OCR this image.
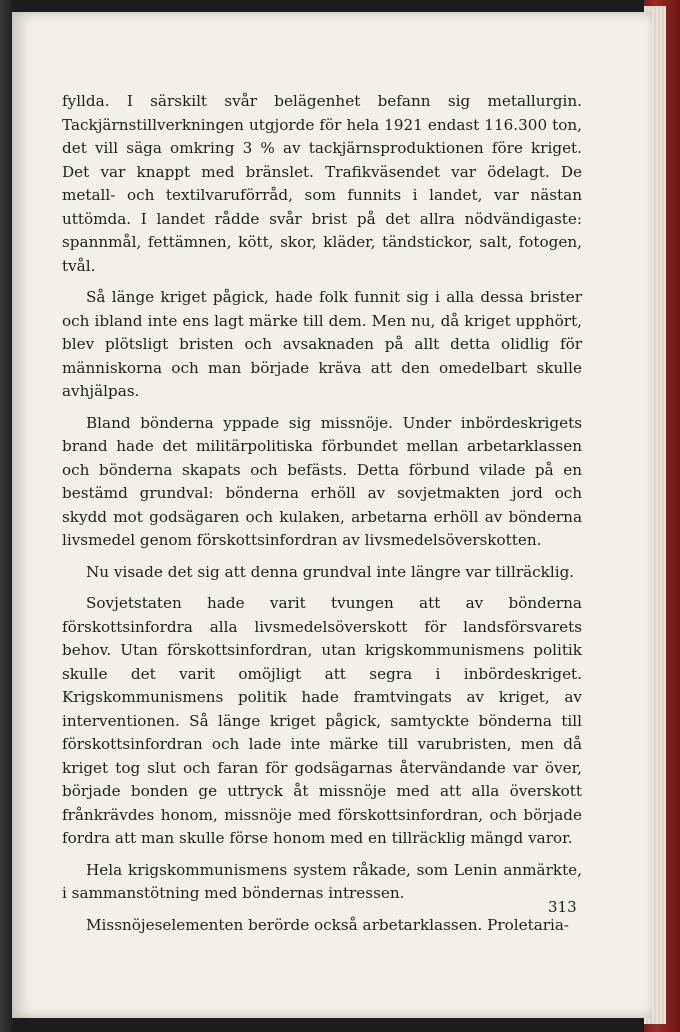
fyllda. I särskilt svår belägenhet befann sig metallurgin. Tackjärnstillverkningen utgjorde för hela 1921 endast 116.300 ton, det vill säga omkring 3 % av tackjärnsproduktionen före kriget. Det var knappt med bränslet. Trafikväsendet var ödelagt. De metall- och textilvaruförråd, som funnits i landet, var nästan uttömda. I landet rådde svår brist på det allra nödvändigaste: spannmål, fettämnen, kött, skor, kläder, tändstickor, salt, fotogen, tvål.

Så länge kriget pågick, hade folk funnit sig i alla dessa brister och ibland inte ens lagt märke till dem. Men nu, då kriget upphört, blev plötsligt bristen och avsaknaden på allt detta olidlig för människorna och man började kräva att den omedelbart skulle avhjälpas.

Bland bönderna yppade sig missnöje. Under inbördeskrigets brand hade det militärpolitiska förbundet mellan arbetarklassen och bönderna skapats och befästs. Detta förbund vilade på en bestämd grundval: bönderna erhöll av sovjetmakten jord och skydd mot godsägaren och kulaken, arbetarna erhöll av bönderna livsmedel genom förskottsinfordran av livsmedelsöverskotten.

Nu visade det sig att denna grundval inte längre var tillräcklig.

Sovjetstaten hade varit tvungen att av bönderna förskottsinfordra alla livsmedelsöverskott för landsförsvarets behov. Utan förskottsinfordran, utan krigskommunismens politik skulle det varit omöjligt att segra i inbördeskriget. Krigskommunismens politik hade framtvingats av kriget, av interventionen. Så länge kriget pågick, samtyckte bönderna till förskottsinfordran och lade inte märke till varubristen, men då kriget tog slut och faran för godsägarnas återvändande var över, började bonden ge uttryck åt missnöje med att alla överskott frånkrävdes honom, missnöje med förskottsinfordran, och började fordra att man skulle förse honom med en tillräcklig mängd varor.

Hela krigskommunismens system råkade, som Lenin anmärkte, i sammanstötning med böndernas intressen.

Missnöjeselementen berörde också arbetarklassen. Proletaria-

313
